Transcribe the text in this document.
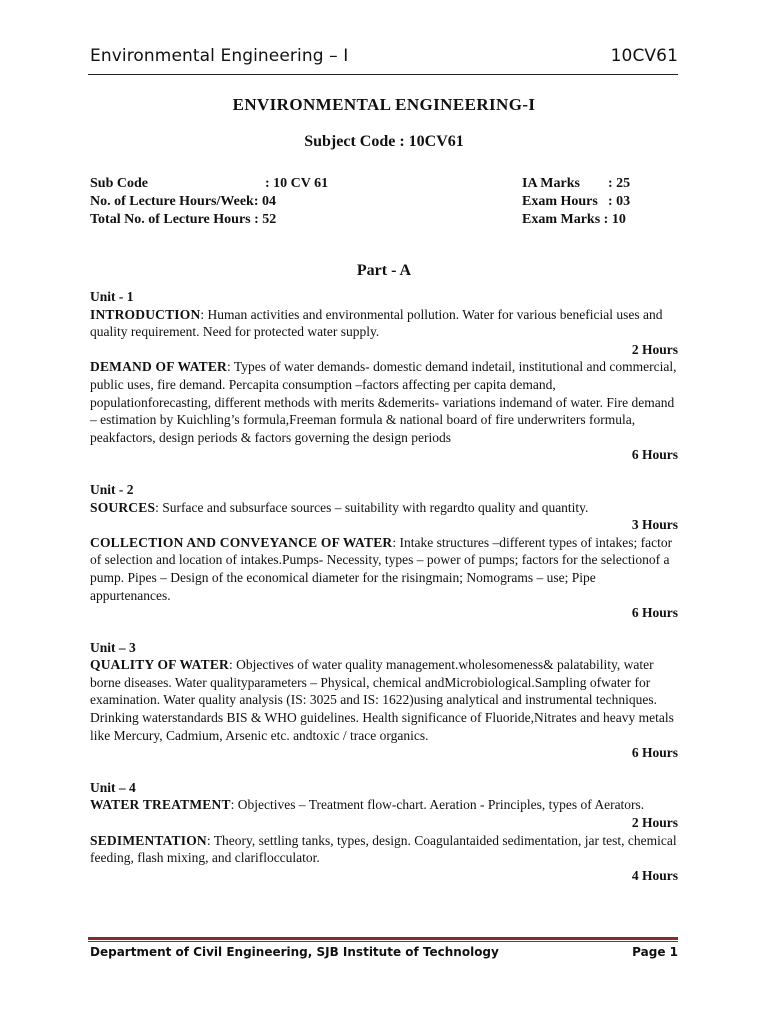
Environmental Engineering – I	10CV61
ENVIRONMENTAL ENGINEERING-I
Subject Code : 10CV61
Sub Code	: 10 CV 61	IA Marks	: 25
No. of Lecture Hours/Week: 04	Exam Hours : 03
Total No. of Lecture Hours : 52	Exam Marks : 10
Part - A
Unit - 1

INTRODUCTION: Human activities and environmental pollution. Water for various beneficial uses and quality requirement. Need for protected water supply.

2 Hours

DEMAND OF WATER: Types of water demands- domestic demand indetail, institutional and commercial, public uses, fire demand. Percapita consumption –factors affecting per capita demand, populationforecasting, different methods with merits &demerits- variations indemand of water. Fire demand – estimation by Kuichling’s formula,Freeman formula & national board of fire underwriters formula, peakfactors, design periods & factors governing the design periods

6 Hours
Unit - 2

SOURCES: Surface and subsurface sources – suitability with regardto quality and quantity.

3 Hours

COLLECTION AND CONVEYANCE OF WATER: Intake structures –different types of intakes; factor of selection and location of intakes.Pumps- Necessity, types – power of pumps; factors for the selectionof a pump. Pipes – Design of the economical diameter for the risingmain; Nomograms – use; Pipe appurtenances.

6 Hours
Unit – 3

QUALITY OF WATER: Objectives of water quality management.wholesomeness& palatability, water borne diseases. Water qualityparameters – Physical, chemical andMicrobiological.Sampling ofwater for examination. Water quality analysis (IS: 3025 and IS: 1622)using analytical and instrumental techniques. Drinking waterstandards BIS & WHO guidelines. Health significance of Fluoride,Nitrates and heavy metals like Mercury, Cadmium, Arsenic etc. andtoxic / trace organics.

6 Hours
Unit – 4

WATER TREATMENT: Objectives – Treatment flow-chart. Aeration - Principles, types of Aerators.

2 Hours

SEDIMENTATION: Theory, settling tanks, types, design. Coagulantaided sedimentation, jar test, chemical feeding, flash mixing, and clariflocculator.

4 Hours
Department of Civil Engineering, SJB Institute of Technology	Page 1
